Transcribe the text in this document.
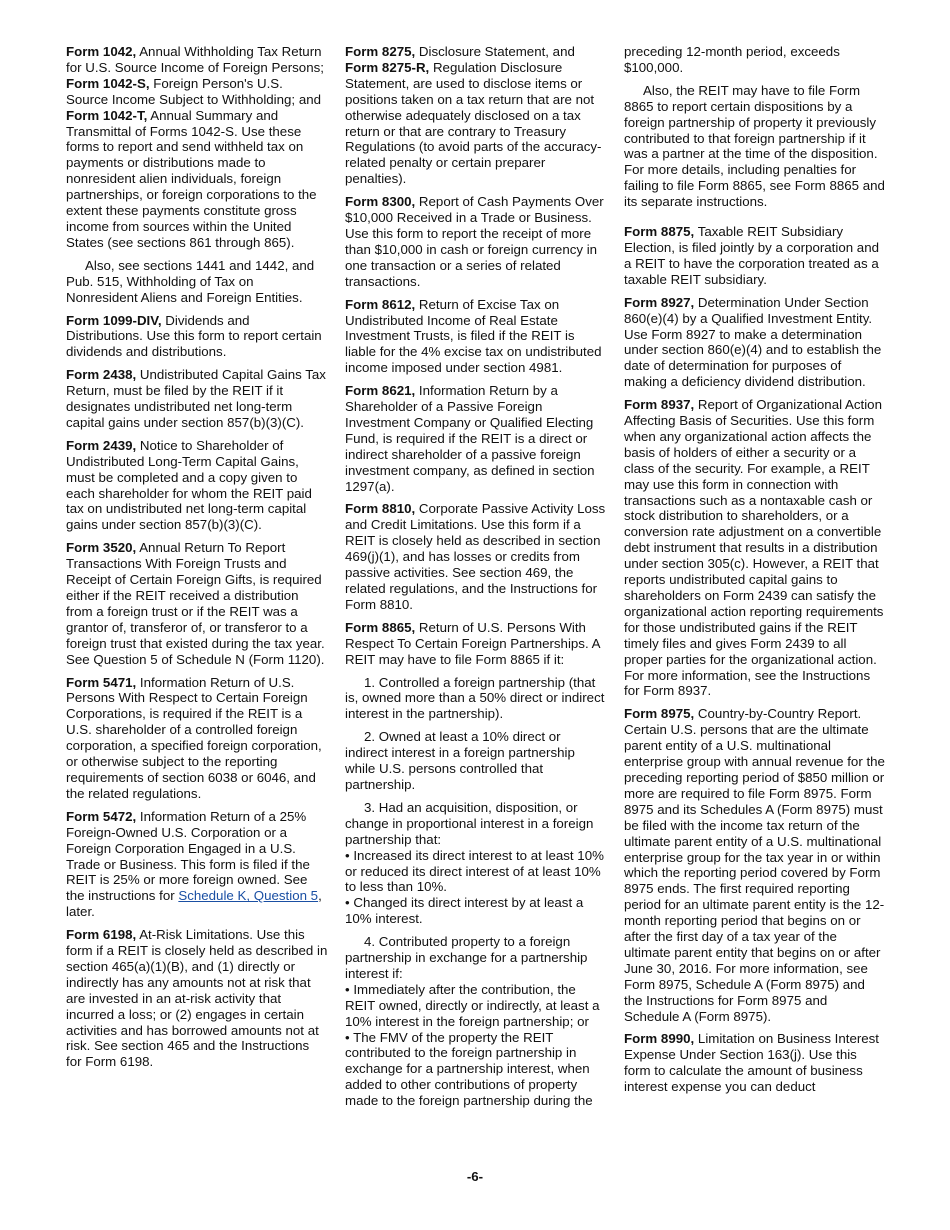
Form 1042, Annual Withholding Tax Return for U.S. Source Income of Foreign Persons; Form 1042-S, Foreign Person's U.S. Source Income Subject to Withholding; and Form 1042-T, Annual Summary and Transmittal of Forms 1042-S. Use these forms to report and send withheld tax on payments or distributions made to nonresident alien individuals, foreign partnerships, or foreign corporations to the extent these payments constitute gross income from sources within the United States (see sections 861 through 865).

Also, see sections 1441 and 1442, and Pub. 515, Withholding of Tax on Nonresident Aliens and Foreign Entities.

Form 1099-DIV, Dividends and Distributions. Use this form to report certain dividends and distributions.

Form 2438, Undistributed Capital Gains Tax Return, must be filed by the REIT if it designates undistributed net long-term capital gains under section 857(b)(3)(C).

Form 2439, Notice to Shareholder of Undistributed Long-Term Capital Gains, must be completed and a copy given to each shareholder for whom the REIT paid tax on undistributed net long-term capital gains under section 857(b)(3)(C).

Form 3520, Annual Return To Report Transactions With Foreign Trusts and Receipt of Certain Foreign Gifts, is required either if the REIT received a distribution from a foreign trust or if the REIT was a grantor of, transferor of, or transferor to a foreign trust that existed during the tax year. See Question 5 of Schedule N (Form 1120).

Form 5471, Information Return of U.S. Persons With Respect to Certain Foreign Corporations, is required if the REIT is a U.S. shareholder of a controlled foreign corporation, a specified foreign corporation, or otherwise subject to the reporting requirements of section 6038 or 6046, and the related regulations.

Form 5472, Information Return of a 25% Foreign-Owned U.S. Corporation or a Foreign Corporation Engaged in a U.S. Trade or Business. This form is filed if the REIT is 25% or more foreign owned. See the instructions for Schedule K, Question 5, later.

Form 6198, At-Risk Limitations. Use this form if a REIT is closely held as described in section 465(a)(1)(B), and (1) directly or indirectly has any amounts not at risk that are invested in an at-risk activity that incurred a loss; or (2) engages in certain activities and has borrowed amounts not at risk. See section 465 and the Instructions for Form 6198.

Form 8275, Disclosure Statement, and Form 8275-R, Regulation Disclosure Statement, are used to disclose items or positions taken on a tax return that are not otherwise adequately disclosed on a tax return or that are contrary to Treasury Regulations (to avoid parts of the accuracy-related penalty or certain preparer penalties).

Form 8300, Report of Cash Payments Over $10,000 Received in a Trade or Business. Use this form to report the receipt of more than $10,000 in cash or foreign currency in one transaction or a series of related transactions.

Form 8612, Return of Excise Tax on Undistributed Income of Real Estate Investment Trusts, is filed if the REIT is liable for the 4% excise tax on undistributed income imposed under section 4981.

Form 8621, Information Return by a Shareholder of a Passive Foreign Investment Company or Qualified Electing Fund, is required if the REIT is a direct or indirect shareholder of a passive foreign investment company, as defined in section 1297(a).

Form 8810, Corporate Passive Activity Loss and Credit Limitations. Use this form if a REIT is closely held as described in section 469(j)(1), and has losses or credits from passive activities. See section 469, the related regulations, and the Instructions for Form 8810.

Form 8865, Return of U.S. Persons With Respect To Certain Foreign Partnerships. A REIT may have to file Form 8865 if it:

1. Controlled a foreign partnership (that is, owned more than a 50% direct or indirect interest in the partnership).

2. Owned at least a 10% direct or indirect interest in a foreign partnership while U.S. persons controlled that partnership.

3. Had an acquisition, disposition, or change in proportional interest in a foreign partnership that:

• Increased its direct interest to at least 10% or reduced its direct interest of at least 10% to less than 10%.

• Changed its direct interest by at least a 10% interest.

4. Contributed property to a foreign partnership in exchange for a partnership interest if:

• Immediately after the contribution, the REIT owned, directly or indirectly, at least a 10% interest in the foreign partnership; or

• The FMV of the property the REIT contributed to the foreign partnership in exchange for a partnership interest, when added to other contributions of property made to the foreign partnership during the

preceding 12-month period, exceeds $100,000.

Also, the REIT may have to file Form 8865 to report certain dispositions by a foreign partnership of property it previously contributed to that foreign partnership if it was a partner at the time of the disposition. For more details, including penalties for failing to file Form 8865, see Form 8865 and its separate instructions.

Form 8875, Taxable REIT Subsidiary Election, is filed jointly by a corporation and a REIT to have the corporation treated as a taxable REIT subsidiary.

Form 8927, Determination Under Section 860(e)(4) by a Qualified Investment Entity. Use Form 8927 to make a determination under section 860(e)(4) and to establish the date of determination for purposes of making a deficiency dividend distribution.

Form 8937, Report of Organizational Action Affecting Basis of Securities. Use this form when any organizational action affects the basis of holders of either a security or a class of the security. For example, a REIT may use this form in connection with transactions such as a nontaxable cash or stock distribution to shareholders, or a conversion rate adjustment on a convertible debt instrument that results in a distribution under section 305(c). However, a REIT that reports undistributed capital gains to shareholders on Form 2439 can satisfy the organizational action reporting requirements for those undistributed gains if the REIT timely files and gives Form 2439 to all proper parties for the organizational action. For more information, see the Instructions for Form 8937.

Form 8975, Country-by-Country Report. Certain U.S. persons that are the ultimate parent entity of a U.S. multinational enterprise group with annual revenue for the preceding reporting period of $850 million or more are required to file Form 8975. Form 8975 and its Schedules A (Form 8975) must be filed with the income tax return of the ultimate parent entity of a U.S. multinational enterprise group for the tax year in or within which the reporting period covered by Form 8975 ends. The first required reporting period for an ultimate parent entity is the 12-month reporting period that begins on or after the first day of a tax year of the ultimate parent entity that begins on or after June 30, 2016. For more information, see Form 8975, Schedule A (Form 8975) and the Instructions for Form 8975 and Schedule A (Form 8975).

Form 8990, Limitation on Business Interest Expense Under Section 163(j). Use this form to calculate the amount of business interest expense you can deduct

-6-
